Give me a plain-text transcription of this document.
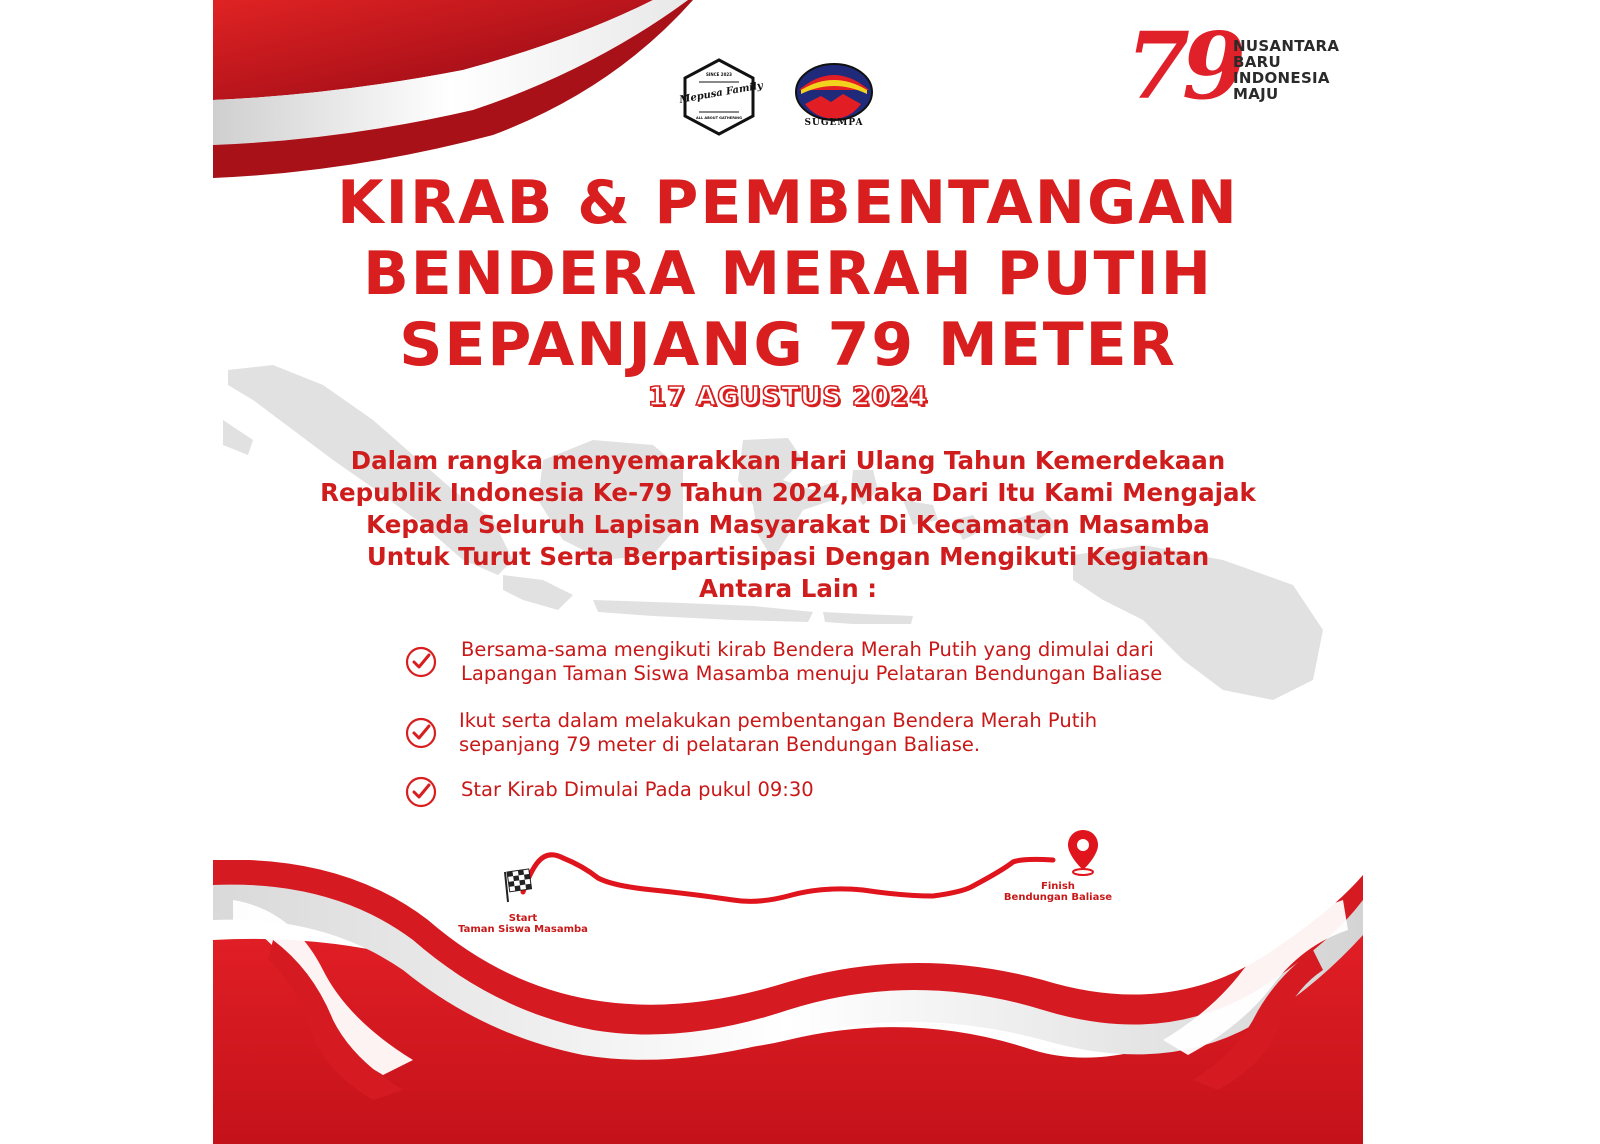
SINCE 2023
Mepusa Family
ALL ABOUT GATHERING	SUGEMPA
79
NUSANTARA
BARU
INDONESIA
MAJU
KIRAB & PEMBENTANGAN
BENDERA MERAH PUTIH
SEPANJANG 79 METER
17 AGUSTUS 2024
Dalam rangka menyemarakkan Hari Ulang Tahun Kemerdekaan
Republik Indonesia Ke-79 Tahun 2024,Maka Dari Itu Kami Mengajak
Kepada Seluruh Lapisan Masyarakat Di Kecamatan Masamba
Untuk Turut Serta Berpartisipasi Dengan Mengikuti Kegiatan
Antara Lain :
Bersama-sama mengikuti kirab Bendera Merah Putih yang dimulai dari
Lapangan Taman Siswa Masamba menuju Pelataran Bendungan Baliase
Ikut serta dalam melakukan pembentangan Bendera Merah Putih
sepanjang 79 meter di pelataran Bendungan Baliase.
Star Kirab Dimulai Pada pukul 09:30
Start
Taman Siswa Masamba
Finish
Bendungan Baliase
